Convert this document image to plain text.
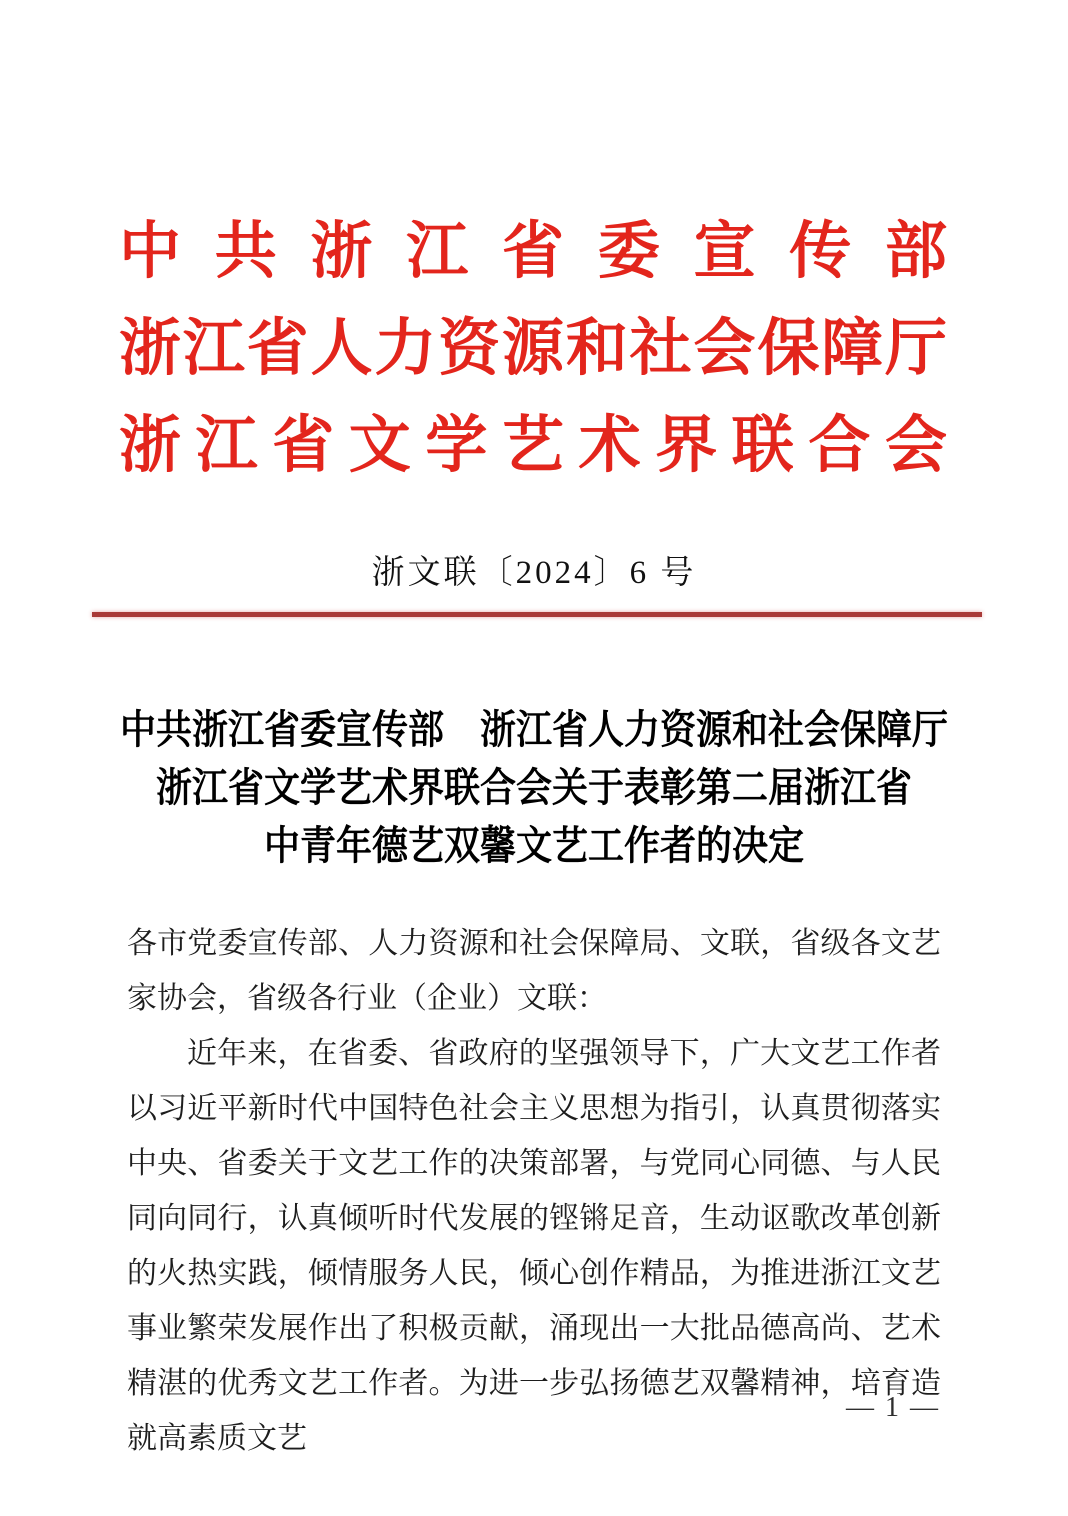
中共浙江省委宣传部
浙江省人力资源和社会保障厅
浙江省文学艺术界联合会
浙文联〔2024〕6 号
中共浙江省委宣传部　浙江省人力资源和社会保障厅
浙江省文学艺术界联合会关于表彰第二届浙江省
中青年德艺双馨文艺工作者的决定

各市党委宣传部、人力资源和社会保障局、文联，省级各文艺家协会，省级各行业（企业）文联：

近年来，在省委、省政府的坚强领导下，广大文艺工作者以习近平新时代中国特色社会主义思想为指引，认真贯彻落实中央、省委关于文艺工作的决策部署，与党同心同德、与人民同向同行，认真倾听时代发展的铿锵足音，生动讴歌改革创新的火热实践，倾情服务人民，倾心创作精品，为推进浙江文艺事业繁荣发展作出了积极贡献，涌现出一大批品德高尚、艺术精湛的优秀文艺工作者。为进一步弘扬德艺双馨精神，培育造就高素质文艺

— 1 —
